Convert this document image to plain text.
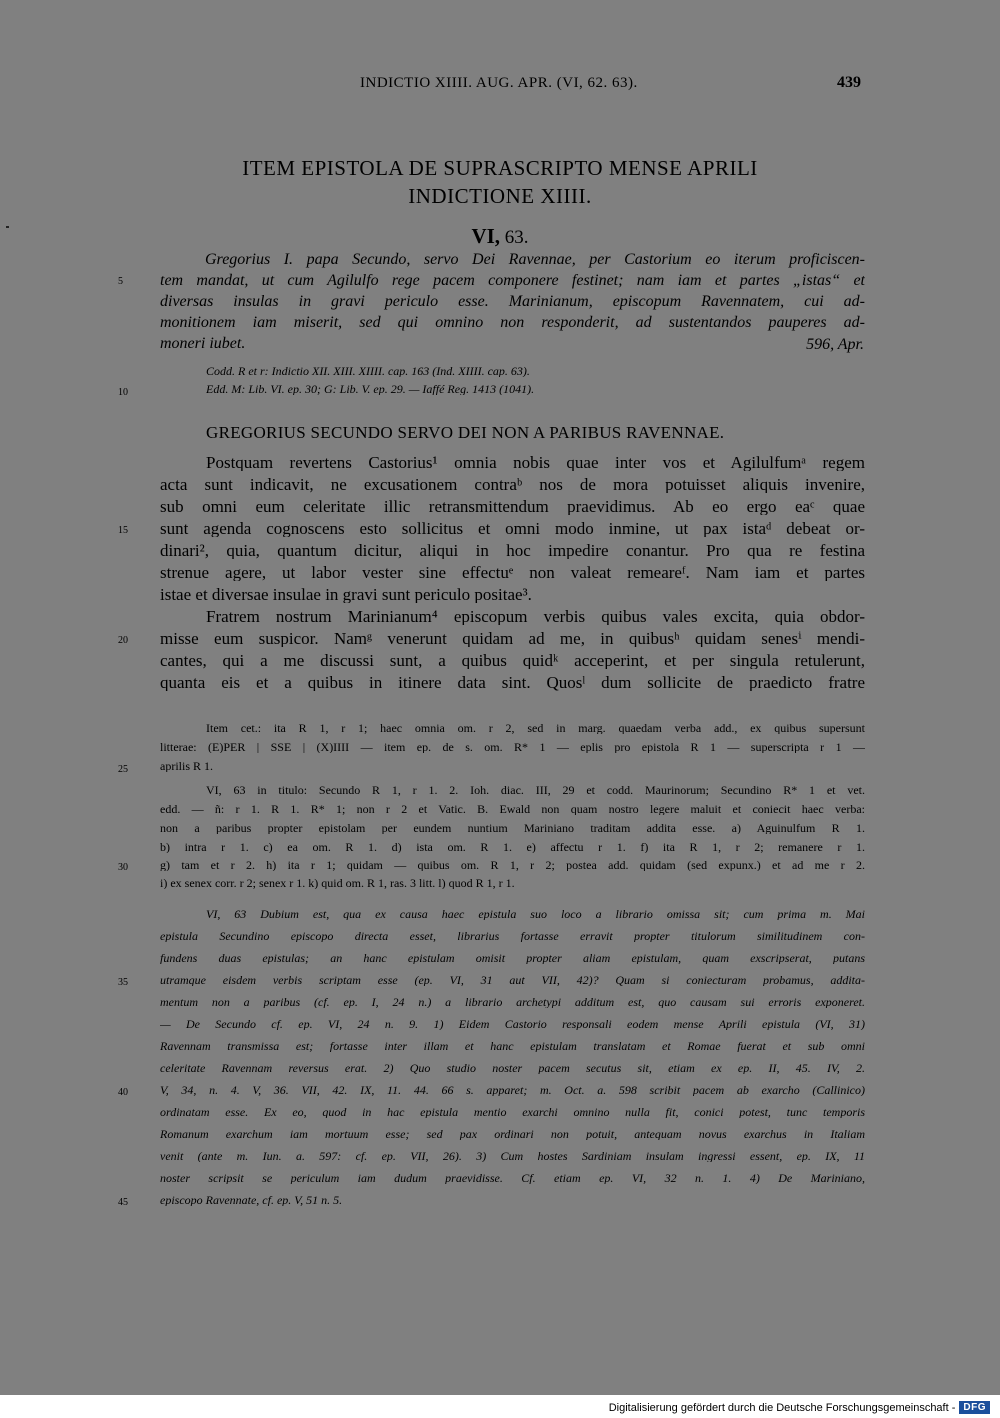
INDICTIO XIIII. AUG. APR. (VI, 62. 63).	439
ITEM EPISTOLA DE SUPRASCRIPTO MENSE APRILI
INDICTIONE XIIII.
VI, 63.
Gregorius I. papa Secundo, servo Dei Ravennae, per Castorium eo iterum proficiscen-
tem mandat, ut cum Agilulfo rege pacem componere festinet; nam iam et partes „istas“ et
diversas insulas in gravi periculo esse. Marinianum, episcopum Ravennatem, cui ad-
monitionem iam miserit, sed qui omnino non responderit, ad sustentandos pauperes ad-
moneri iubet.	596, Apr.
Codd. R et r: Indictio XII. XIII. XIIII. cap. 163 (Ind. XIIII. cap. 63).
Edd. M: Lib. VI. ep. 30; G: Lib. V. ep. 29. — Iaffé Reg. 1413 (1041).
GREGORIUS SECUNDO SERVO DEI NON A PARIBUS RAVENNAE.
Postquam revertens Castorius¹ omnia nobis quae inter vos et Agilulfumᵃ regem
acta sunt indicavit, ne excusationem contraᵇ nos de mora potuisset aliquis invenire,
sub omni eum celeritate illic retransmittendum praevidimus. Ab eo ergo eaᶜ quae
sunt agenda cognoscens esto sollicitus et omni modo inmine, ut pax istaᵈ debeat or-
dinari², quia, quantum dicitur, aliqui in hoc impedire conantur. Pro qua re festina
strenue agere, ut labor vester sine effectuᵉ non valeat remeareᶠ. Nam iam et partes
istae et diversae insulae in gravi sunt periculo positae³.
Fratrem nostrum Marinianum⁴ episcopum verbis quibus vales excita, quia obdor-
misse eum suspicor. Namᵍ venerunt quidam ad me, in quibusʰ quidam senesⁱ mendi-
cantes, qui a me discussi sunt, a quibus quidᵏ acceperint, et per singula retulerunt,
quanta eis et a quibus in itinere data sint. Quosˡ dum sollicite de praedicto fratre
Item cet.: ita R 1, r 1; haec omnia om. r 2, sed in marg. quaedam verba add., ex quibus supersunt
litterae: (E)PER | SSE | (X)IIII — item ep. de s. om. R* 1 — eplis pro epistola R 1 — superscripta r 1 —
aprilis R 1.
VI, 63 in titulo: Secundo R 1, r 1. 2. Ioh. diac. III, 29 et codd. Maurinorum; Secundino R* 1 et vet.
edd. — ñ: r 1. R 1. R* 1; non r 2 et Vatic. B. Ewald non quam nostro legere maluit et coniecit haec verba:
non a paribus propter epistolam per eundem nuntium Mariniano traditam addita esse. a) Aguinulfum R 1.
b) intra r 1. c) ea om. R 1. d) ista om. R 1. e) affectu r 1. f) ita R 1, r 2; remanere r 1.
g) tam et r 2. h) ita r 1; quidam — quibus om. R 1, r 2; postea add. quidam (sed expunx.) et ad me r 2.
i) ex senex corr. r 2; senex r 1. k) quid om. R 1, ras. 3 litt. l) quod R 1, r 1.
VI, 63 Dubium est, qua ex causa haec epistula suo loco a librario omissa sit; cum prima m. Mai
epistula Secundino episcopo directa esset, librarius fortasse erravit propter titulorum similitudinem con-
fundens duas epistulas; an hanc epistulam omisit propter aliam epistulam, quam exscripserat, putans
utramque eisdem verbis scriptam esse (ep. VI, 31 aut VII, 42)? Quam si coniecturam probamus, addita-
mentum non a paribus (cf. ep. I, 24 n.) a librario archetypi additum est, quo causam sui erroris exponeret.
— De Secundo cf. ep. VI, 24 n. 9. 1) Eidem Castorio responsali eodem mense Aprili epistula (VI, 31)
Ravennam transmissa est; fortasse inter illam et hanc epistulam translatam et Romae fuerat et sub omni
celeritate Ravennam reversus erat. 2) Quo studio noster pacem secutus sit, etiam ex ep. II, 45. IV, 2.
V, 34, n. 4. V, 36. VII, 42. IX, 11. 44. 66 s. apparet; m. Oct. a. 598 scribit pacem ab exarcho (Callinico)
ordinatam esse. Ex eo, quod in hac epistula mentio exarchi omnino nulla fit, conici potest, tunc temporis
Romanum exarchum iam mortuum esse; sed pax ordinari non potuit, antequam novus exarchus in Italiam
venit (ante m. Iun. a. 597: cf. ep. VII, 26). 3) Cum hostes Sardiniam insulam ingressi essent, ep. IX, 11
noster scripsit se periculum iam dudum praevidisse. Cf. etiam ep. VI, 32 n. 1. 4) De Mariniano,
episcopo Ravennate, cf. ep. V, 51 n. 5.
5
10
15
20
25
30
35
40
45
Digitalisierung gefördert durch die Deutsche Forschungsgemeinschaft - DFG
